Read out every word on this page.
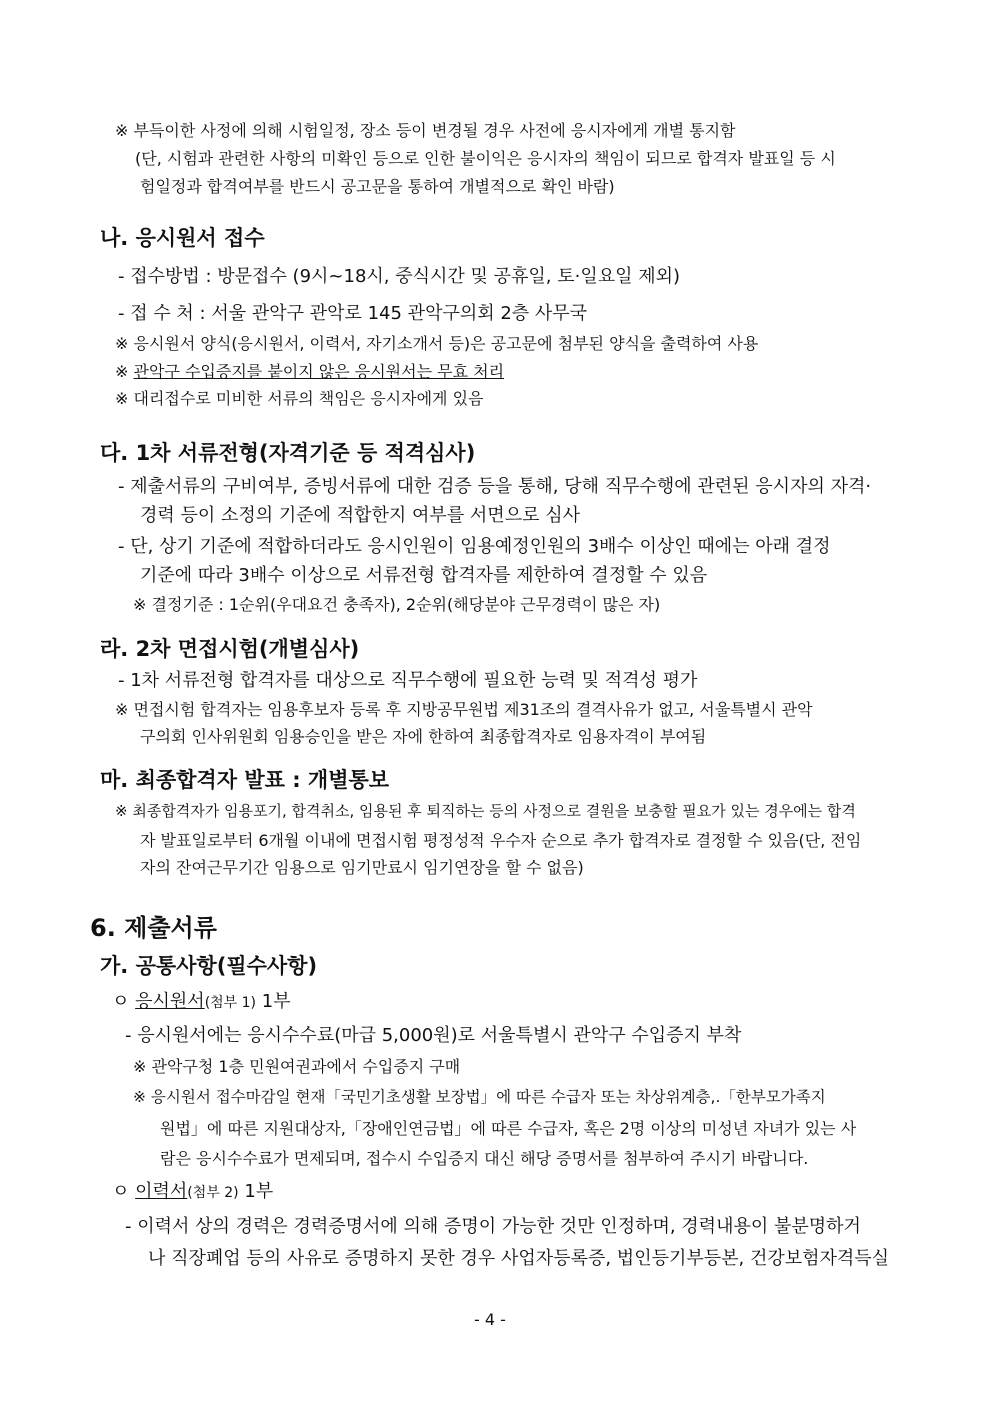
※ 부득이한 사정에 의해 시험일정, 장소 등이 변경될 경우 사전에 응시자에게 개별 통지함
(단, 시험과 관련한 사항의 미확인 등으로 인한 불이익은 응시자의 책임이 되므로 합격자 발표일 등 시
험일정과 합격여부를 반드시 공고문을 통하여 개별적으로 확인 바람)
나. 응시원서 접수
- 접수방법 : 방문접수 (9시~18시, 중식시간 및 공휴일, 토·일요일 제외)
- 접 수 처 : 서울 관악구 관악로 145 관악구의회 2층 사무국
※ 응시원서 양식(응시원서, 이력서, 자기소개서 등)은 공고문에 첨부된 양식을 출력하여 사용
※ 관악구 수입증지를 붙이지 않은 응시원서는 무효 처리
※ 대리접수로 미비한 서류의 책임은 응시자에게 있음
다. 1차 서류전형(자격기준 등 적격심사)
- 제출서류의 구비여부, 증빙서류에 대한 검증 등을 통해, 당해 직무수행에 관련된 응시자의 자격·
경력 등이 소정의 기준에 적합한지 여부를 서면으로 심사
- 단, 상기 기준에 적합하더라도 응시인원이 임용예정인원의 3배수 이상인 때에는 아래 결정
기준에 따라 3배수 이상으로 서류전형 합격자를 제한하여 결정할 수 있음
※ 결정기준 : 1순위(우대요건 충족자), 2순위(해당분야 근무경력이 많은 자)
라. 2차 면접시험(개별심사)
- 1차 서류전형 합격자를 대상으로 직무수행에 필요한 능력 및 적격성 평가
※ 면접시험 합격자는 임용후보자 등록 후 지방공무원법 제31조의 결격사유가 없고, 서울특별시 관악
구의회 인사위원회 임용승인을 받은 자에 한하여 최종합격자로 임용자격이 부여됨
마. 최종합격자 발표 : 개별통보
※ 최종합격자가 임용포기, 합격취소, 임용된 후 퇴직하는 등의 사정으로 결원을 보충할 필요가 있는 경우에는 합격
자 발표일로부터 6개월 이내에 면접시험 평정성적 우수자 순으로 추가 합격자로 결정할 수 있음(단, 전임
자의 잔여근무기간 임용으로 임기만료시 임기연장을 할 수 없음)
6. 제출서류
가. 공통사항(필수사항)
ㅇ 응시원서(첨부 1) 1부
- 응시원서에는 응시수수료(마급 5,000원)로 서울특별시 관악구 수입증지 부착
※ 관악구청 1층 민원여권과에서 수입증지 구매
※ 응시원서 접수마감일 현재「국민기초생활 보장법」에 따른 수급자 또는 차상위계층,.「한부모가족지
원법」에 따른 지원대상자,「장애인연금법」에 따른 수급자, 혹은 2명 이상의 미성년 자녀가 있는 사
람은 응시수수료가 면제되며, 접수시 수입증지 대신 해당 증명서를 첨부하여 주시기 바랍니다.
ㅇ 이력서(첨부 2) 1부
- 이력서 상의 경력은 경력증명서에 의해 증명이 가능한 것만 인정하며, 경력내용이 불분명하거
나 직장폐업 등의 사유로 증명하지 못한 경우 사업자등록증, 법인등기부등본, 건강보험자격득실
- 4 -
